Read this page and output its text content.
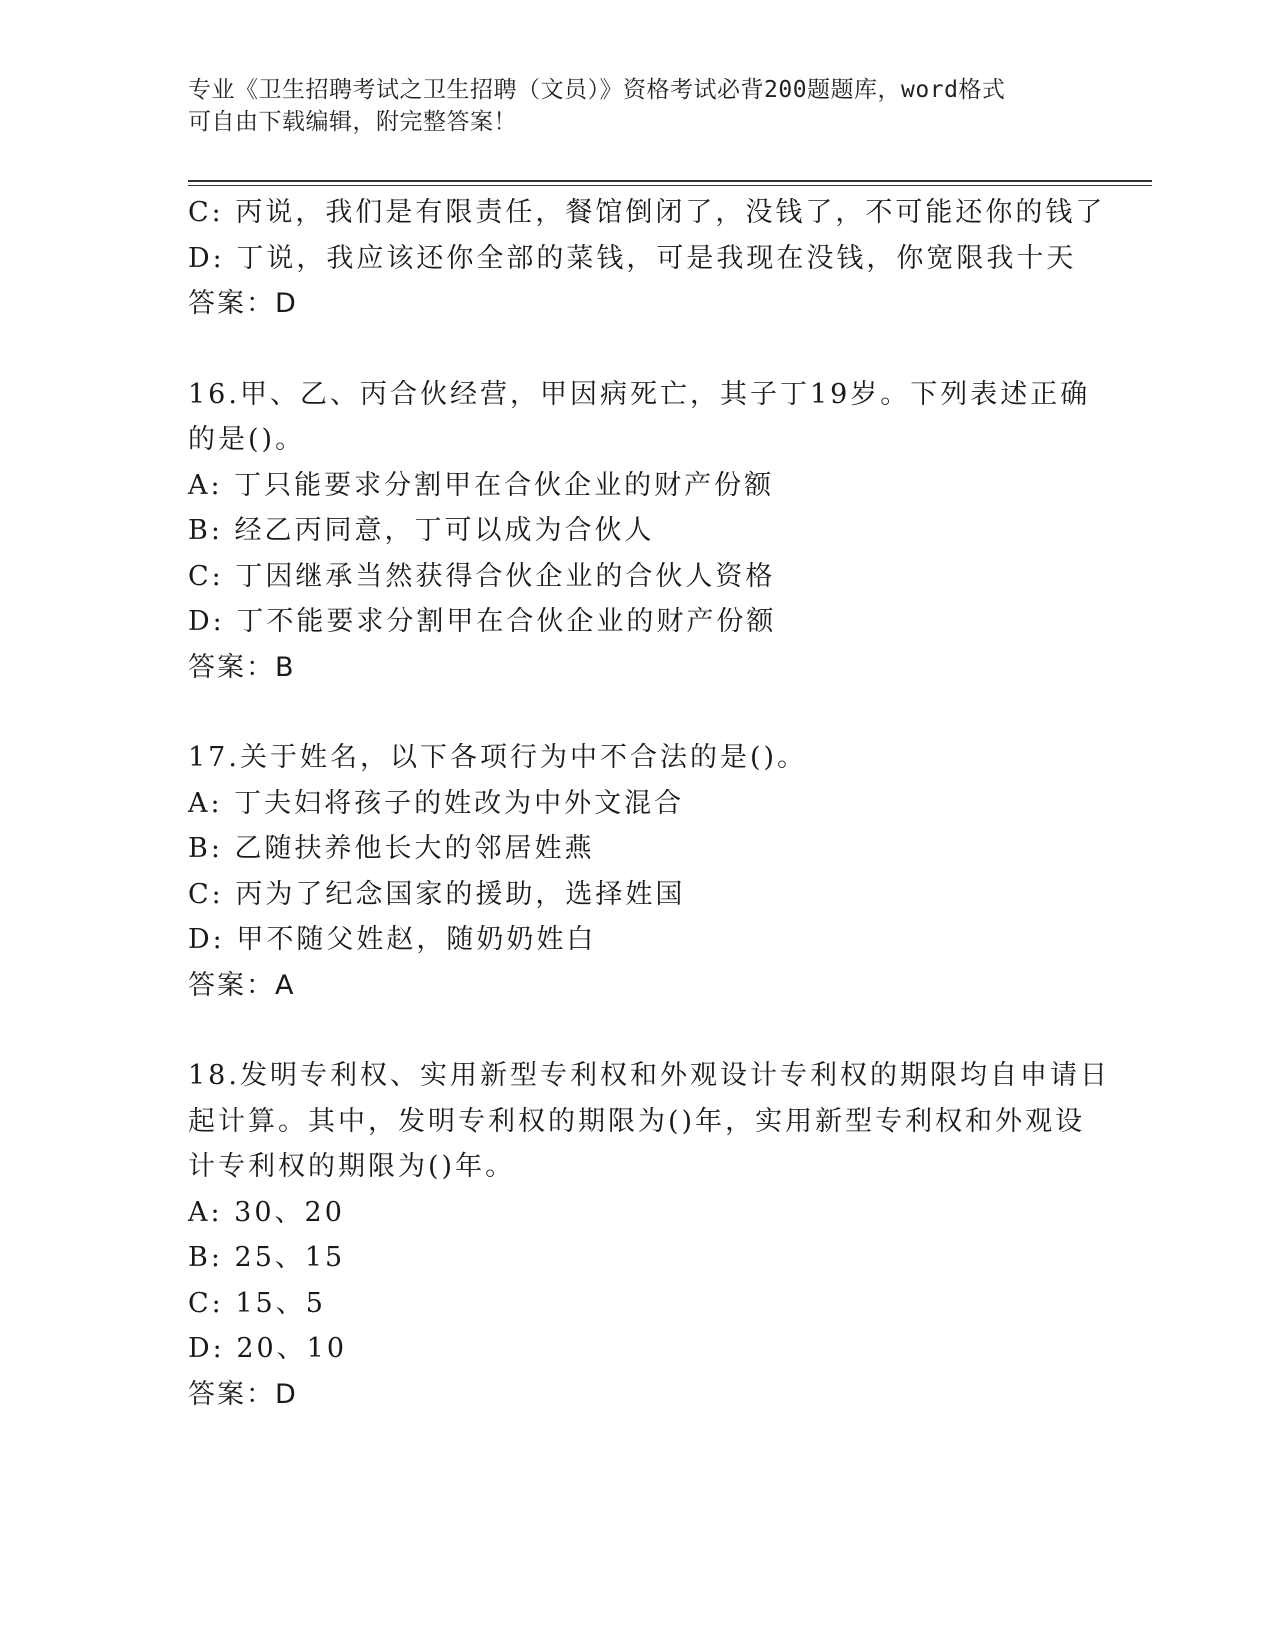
专业《卫生招聘考试之卫生招聘（文员）》资格考试必背200题题库，word格式
可自由下载编辑，附完整答案！
C: 丙说，我们是有限责任，餐馆倒闭了，没钱了，不可能还你的钱了
D: 丁说，我应该还你全部的菜钱，可是我现在没钱，你宽限我十天
答案：D
16.甲、乙、丙合伙经营，甲因病死亡，其子丁19岁。下列表述正确
的是()。
A: 丁只能要求分割甲在合伙企业的财产份额
B: 经乙丙同意，丁可以成为合伙人
C: 丁因继承当然获得合伙企业的合伙人资格
D: 丁不能要求分割甲在合伙企业的财产份额
答案：B
17.关于姓名，以下各项行为中不合法的是()。
A: 丁夫妇将孩子的姓改为中外文混合
B: 乙随扶养他长大的邻居姓燕
C: 丙为了纪念国家的援助，选择姓国
D: 甲不随父姓赵，随奶奶姓白
答案：A
18.发明专利权、实用新型专利权和外观设计专利权的期限均自申请日
起计算。其中，发明专利权的期限为()年，实用新型专利权和外观设
计专利权的期限为()年。
A: 30、20
B: 25、15
C: 15、5
D: 20、10
答案：D
